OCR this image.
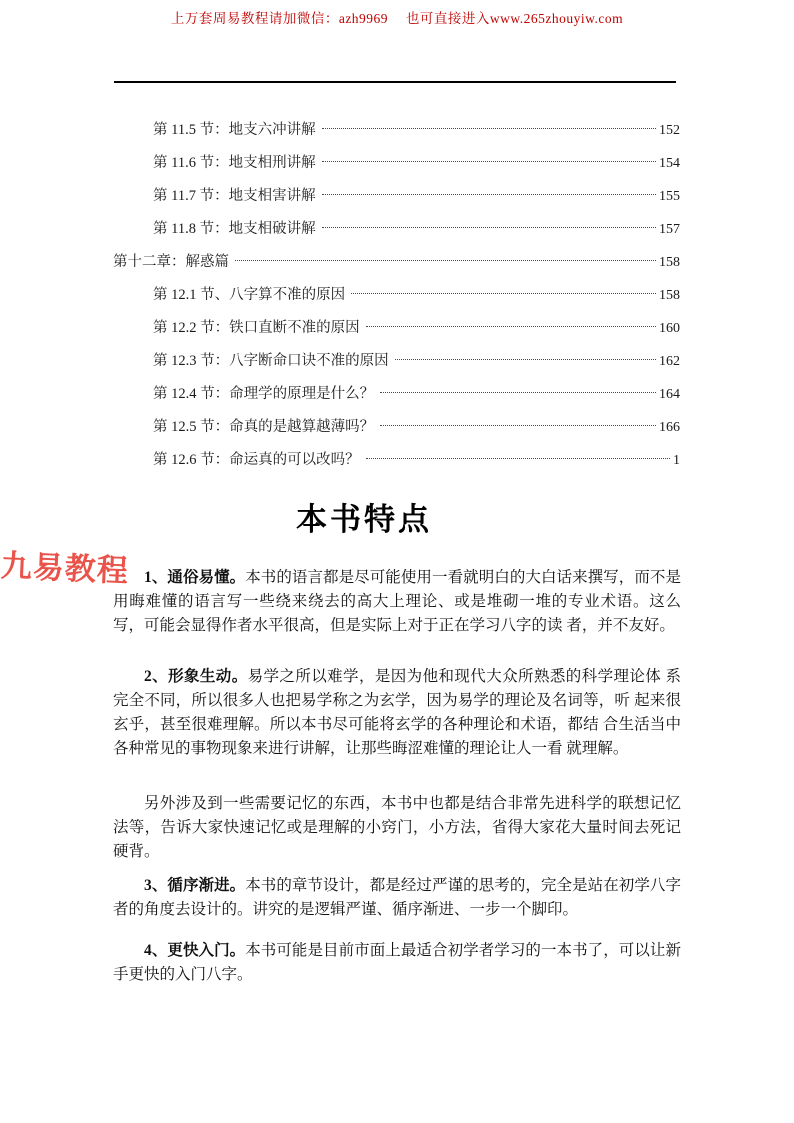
上万套周易教程请加微信：azh9969　 也可直接进入www.265zhouyiw.com
第 11.5 节：地支六冲讲解	152
第 11.6 节：地支相刑讲解	154
第 11.7 节：地支相害讲解	155
第 11.8 节：地支相破讲解	157
第十二章：解惑篇	158
第 12.1 节、八字算不准的原因	158
第 12.2 节：铁口直断不准的原因	160
第 12.3 节：八字断命口诀不准的原因	162
第 12.4 节：命理学的原理是什么？	164
第 12.5 节：命真的是越算越薄吗？	166
第 12.6 节：命运真的可以改吗？	1
本书特点
九易教程 1、通俗易懂。本书的语言都是尽可能使用一看就明白的大白话来撰写，而不是用晦难懂的语言写一些绕来绕去的高大上理论、或是堆砌一堆的专业术语。这么写，可能会显得作者水平很高，但是实际上对于正在学习八字的读 者，并不友好。

2、形象生动。易学之所以难学，是因为他和现代大众所熟悉的科学理论体 系完全不同，所以很多人也把易学称之为玄学，因为易学的理论及名词等，听 起来很玄乎，甚至很难理解。所以本书尽可能将玄学的各种理论和术语，都结 合生活当中各种常见的事物现象来进行讲解，让那些晦涩难懂的理论让人一看 就理解。

另外涉及到一些需要记忆的东西，本书中也都是结合非常先进科学的联想记忆法等，告诉大家快速记忆或是理解的小窍门，小方法，省得大家花大量时间去死记硬背。

3、循序渐进。本书的章节设计，都是经过严谨的思考的，完全是站在初学八字者的角度去设计的。讲究的是逻辑严谨、循序渐进、一步一个脚印。

4、更快入门。本书可能是目前市面上最适合初学者学习的一本书了，可以让新手更快的入门八字。
